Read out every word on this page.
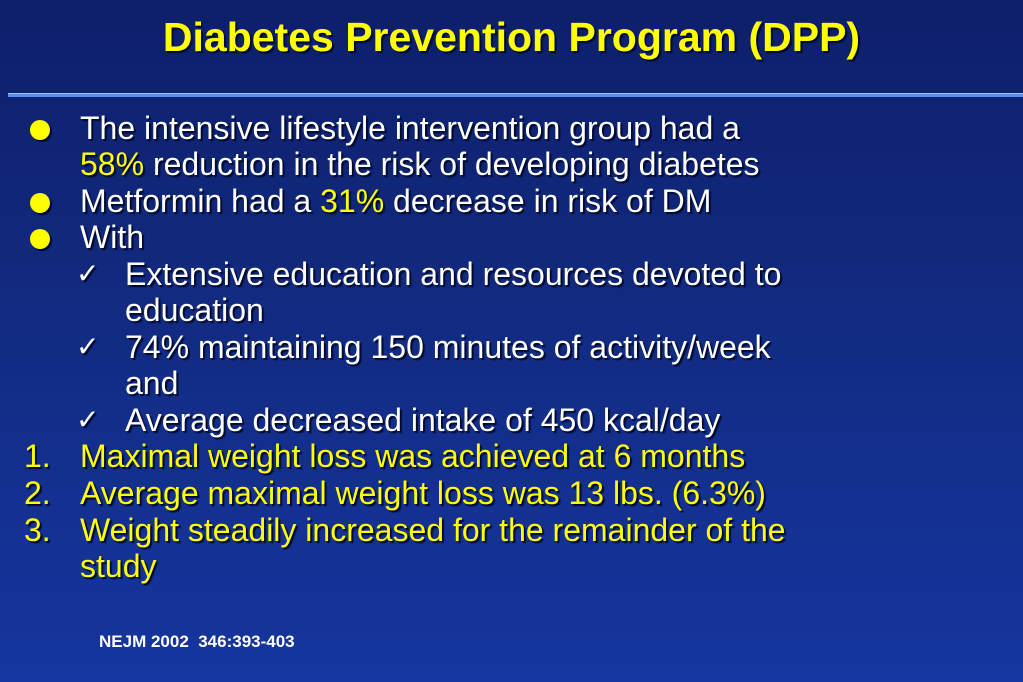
Diabetes Prevention Program (DPP)
The intensive lifestyle intervention group had a
58% reduction in the risk of developing diabetes
Metformin had a 31% decrease in risk of DM
With
✓ Extensive education and resources devoted to
education
✓ 74% maintaining 150 minutes of activity/week
and
✓ Average decreased intake of 450 kcal/day
1. Maximal weight loss was achieved at 6 months
2. Average maximal weight loss was 13 lbs. (6.3%)
3. Weight steadily increased for the remainder of the
study
NEJM 2002  346:393-403
